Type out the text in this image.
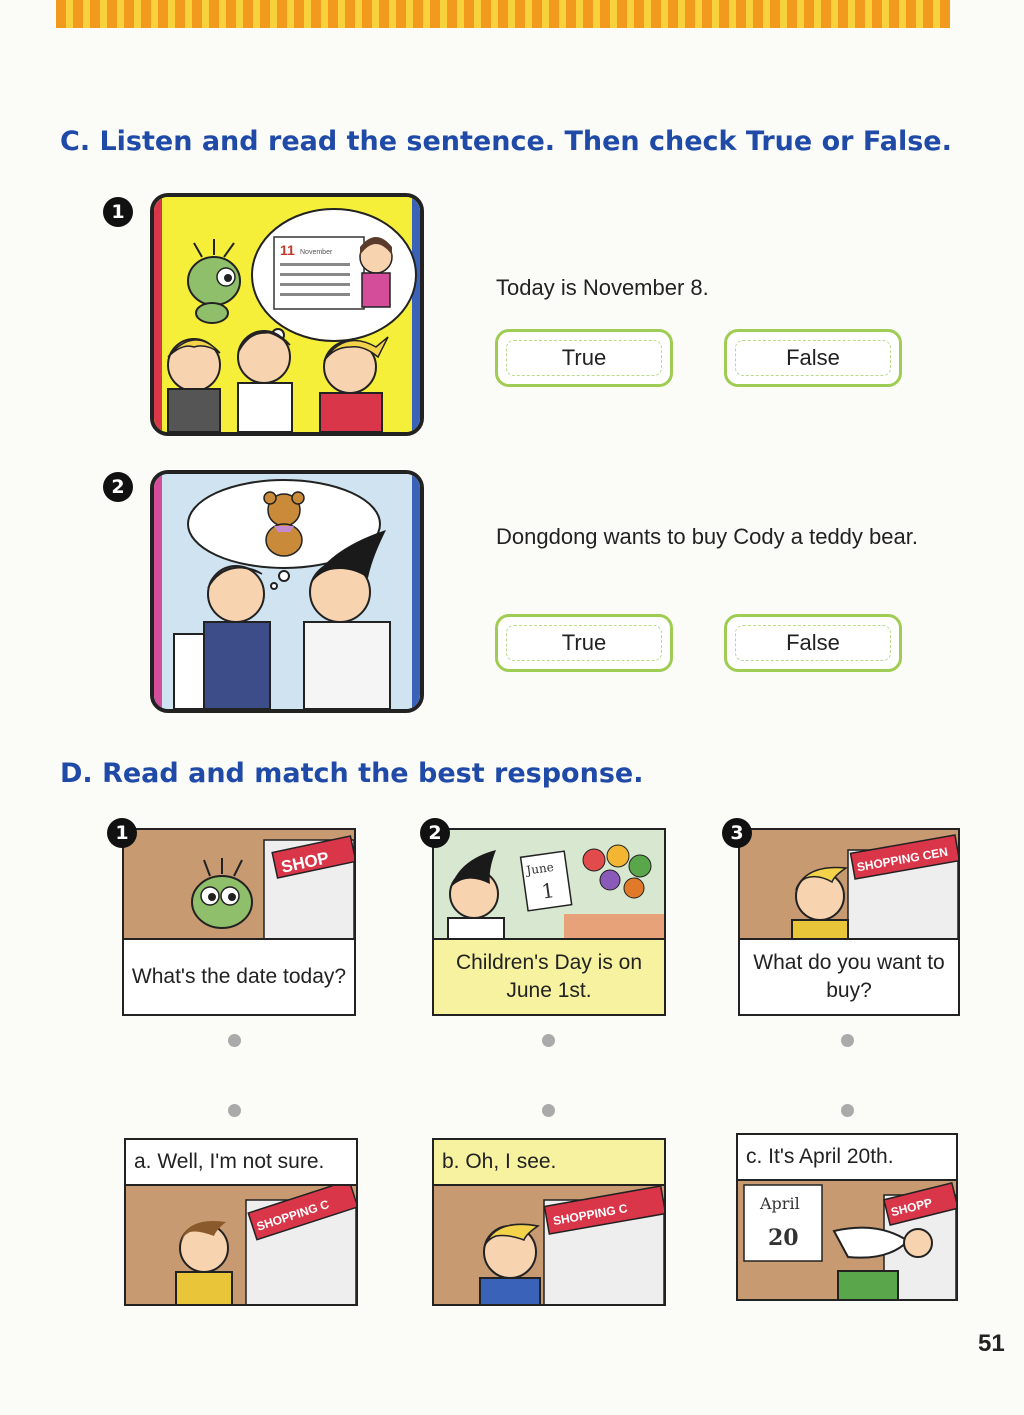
C. Listen and read the sentence. Then check True or False.
1
11 November
Today is November 8.
True	False
2
Dongdong wants to buy Cody a teddy bear.
True	False
D. Read and match the best response.
1
SHOP
What's the date today?
2
June
1
Children's Day is on June 1st.
3
SHOPPING CEN
What do you want to buy?
a. Well, I'm not sure.
SHOPPING C
b. Oh, I see.
SHOPPING C
c. It's April 20th.
April
20
SHOPP
51
